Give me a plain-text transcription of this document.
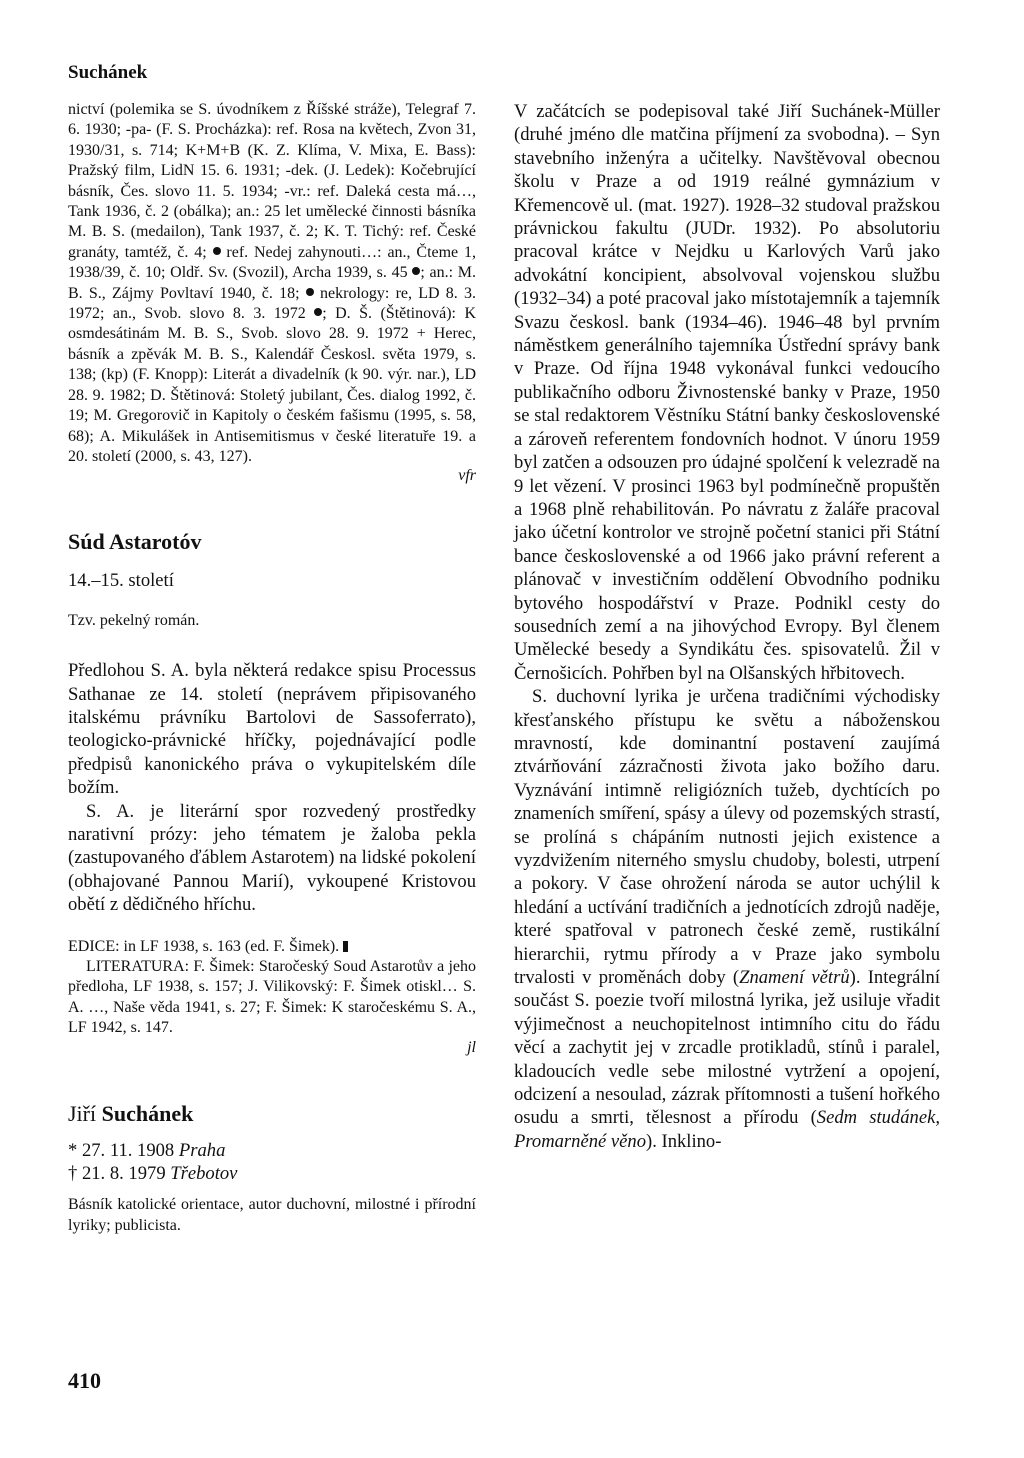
Suchánek

nictví (polemika se S. úvodníkem z Říšské stráže), Telegraf 7. 6. 1930; -pa- (F. S. Procházka): ref. Rosa na květech, Zvon 31, 1930/31, s. 714; K+M+B (K. Z. Klíma, V. Mixa, E. Bass): Pražský film, LidN 15. 6. 1931; -dek. (J. Ledek): Kočebrující básník, Čes. slovo 11. 5. 1934; -vr.: ref. Daleká cesta má…, Tank 1936, č. 2 (obálka); an.: 25 let umělecké činnosti básníka M. B. S. (medailon), Tank 1937, č. 2; K. T. Tichý: ref. České granáty, tamtéž, č. 4;  ref. Nedej zahynouti…: an., Čteme 1, 1938/39, č. 10; Oldř. Sv. (Svozil), Archa 1939, s. 45 ; an.: M. B. S., Zájmy Povltaví 1940, č. 18;  nekrology: re, LD 8. 3. 1972; an., Svob. slovo 8. 3. 1972 ; D. Š. (Štětinová): K osmdesátinám M. B. S., Svob. slovo 28. 9. 1972 + Herec, básník a zpěvák M. B. S., Kalendář Českosl. světa 1979, s. 138; (kp) (F. Knopp): Literát a divadelník (k 90. výr. nar.), LD 28. 9. 1982; D. Štětinová: Stoletý jubilant, Čes. dialog 1992, č. 19; M. Gregorovič in Kapitoly o českém fašismu (1995, s. 58, 68); A. Mikulášek in Antisemitismus v české literatuře 19. a 20. století (2000, s. 43, 127).

vfr

Súd Astarotóv

14.–15. století

Tzv. pekelný román.

Předlohou S. A. byla některá redakce spisu Processus Sathanae ze 14. století (neprávem připisovaného italskému právníku Bartolovi de Sassoferrato), teologicko-právnické hříčky, pojednávající podle předpisů kanonického práva o vykupitelském díle božím.

S. A. je literární spor rozvedený prostředky narativní prózy: jeho tématem je žaloba pekla (zastupovaného ďáblem Astarotem) na lidské pokolení (obhajované Pannou Marií), vykoupené Kristovou obětí z dědičného hříchu.

EDICE: in LF 1938, s. 163 (ed. F. Šimek).

LITERATURA: F. Šimek: Staročeský Soud Astarotův a jeho předloha, LF 1938, s. 157; J. Vilikovský: F. Šimek otiskl… S. A. …, Naše věda 1941, s. 27; F. Šimek: K staročeskému S. A., LF 1942, s. 147.

jl

Jiří Suchánek

* 27. 11. 1908 Praha

† 21. 8. 1979 Třebotov

Básník katolické orientace, autor duchovní, milostné i přírodní lyriky; publicista.

V začátcích se podepisoval také Jiří Suchánek-Müller (druhé jméno dle matčina příjmení za svobodna). – Syn stavebního inženýra a učitelky. Navštěvoval obecnou školu v Praze a od 1919 reálné gymnázium v Křemencově ul. (mat. 1927). 1928–32 studoval pražskou právnickou fakultu (JUDr. 1932). Po absolutoriu pracoval krátce v Nejdku u Karlových Varů jako advokátní koncipient, absolvoval vojenskou službu (1932–34) a poté pracoval jako místotajemník a tajemník Svazu českosl. bank (1934–46). 1946–48 byl prvním náměstkem generálního tajemníka Ústřední správy bank v Praze. Od října 1948 vykonával funkci vedoucího publikačního odboru Živnostenské banky v Praze, 1950 se stal redaktorem Věstníku Státní banky československé a zároveň referentem fondovních hodnot. V únoru 1959 byl zatčen a odsouzen pro údajné spolčení k velezradě na 9 let vězení. V prosinci 1963 byl podmínečně propuštěn a 1968 plně rehabilitován. Po návratu z žaláře pracoval jako účetní kontrolor ve strojně početní stanici při Státní bance československé a od 1966 jako právní referent a plánovač v investičním oddělení Obvodního podniku bytového hospodářství v Praze. Podnikl cesty do sousedních zemí a na jihovýchod Evropy. Byl členem Umělecké besedy a Syndikátu čes. spisovatelů. Žil v Černošicích. Pohřben byl na Olšanských hřbitovech.

S. duchovní lyrika je určena tradičními východisky křesťanského přístupu ke světu a náboženskou mravností, kde dominantní postavení zaujímá ztvárňování zázračnosti života jako božího daru. Vyznávání intimně religiózních tužeb, dychtících po znameních smíření, spásy a úlevy od pozemských strastí, se prolíná s chápáním nutnosti jejich existence a vyzdvižením niterného smyslu chudoby, bolesti, utrpení a pokory. V čase ohrožení národa se autor uchýlil k hledání a uctívání tradičních a jednotících zdrojů naděje, které spatřoval v patronech české země, rustikální hierarchii, rytmu přírody a v Praze jako symbolu trvalosti v proměnách doby (Znamení větrů). Integrální součást S. poezie tvoří milostná lyrika, jež usiluje vřadit výjimečnost a neuchopitelnost intimního citu do řádu věcí a zachytit jej v zrcadle protikladů, stínů i paralel, kladoucích vedle sebe milostné vytržení a opojení, odcizení a nesoulad, zázrak přítomnosti a tušení hořkého osudu a smrti, tělesnost a přírodu (Sedm studánek, Promarněné věno). Inklino-

410
